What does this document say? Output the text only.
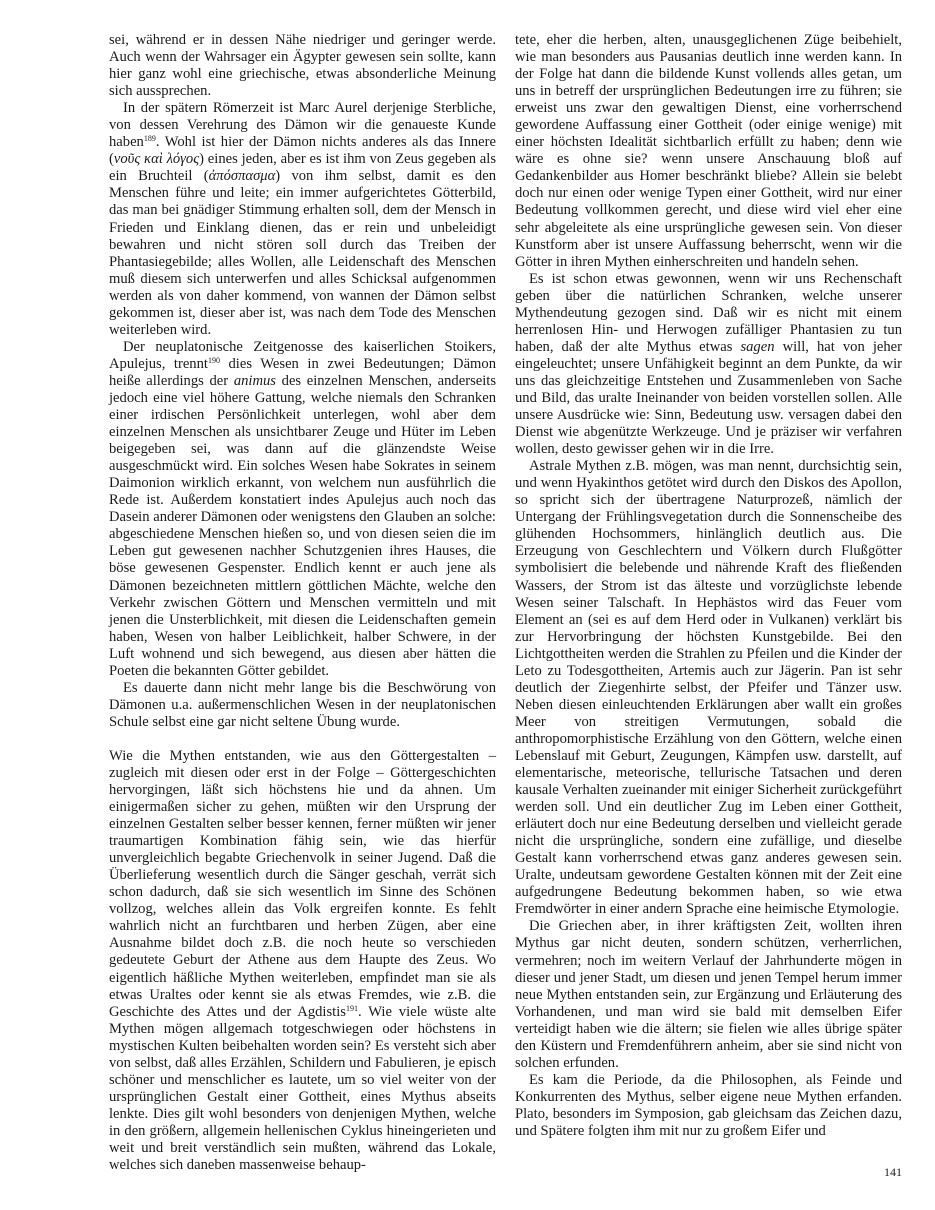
sei, während er in dessen Nähe niedriger und geringer werde. Auch wenn der Wahrsager ein Ägypter gewesen sein sollte, kann hier ganz wohl eine griechische, etwas absonderliche Meinung sich aussprechen.

In der spätern Römerzeit ist Marc Aurel derjenige Sterbliche, von dessen Verehrung des Dämon wir die genaueste Kunde haben$^{189}$. Wohl ist hier der Dämon nichts anderes als das Innere (νοῦς καὶ λόγος) eines jeden, aber es ist ihm von Zeus gegeben als ein Bruchteil (ἀπόσπασμα) von ihm selbst, damit es den Menschen führe und leite; ein immer aufgerichtetes Götterbild, das man bei gnädiger Stimmung erhalten soll, dem der Mensch in Frieden und Einklang dienen, das er rein und unbeleidigt bewahren und nicht stören soll durch das Treiben der Phantasiegebilde; alles Wollen, alle Leidenschaft des Menschen muß diesem sich unterwerfen und alles Schicksal aufgenommen werden als von daher kommend, von wannen der Dämon selbst gekommen ist, dieser aber ist, was nach dem Tode des Menschen weiterleben wird.

Der neuplatonische Zeitgenosse des kaiserlichen Stoikers, Apulejus, trennt$^{190}$ dies Wesen in zwei Bedeutungen; Dämon heiße allerdings der animus des einzelnen Menschen, anderseits jedoch eine viel höhere Gattung, welche niemals den Schranken einer irdischen Persönlichkeit unterlegen, wohl aber dem einzelnen Menschen als unsichtbarer Zeuge und Hüter im Leben beigegeben sei, was dann auf die glänzendste Weise ausgeschmückt wird. Ein solches Wesen habe Sokrates in seinem Daimonion wirklich erkannt, von welchem nun ausführlich die Rede ist. Außerdem konstatiert indes Apulejus auch noch das Dasein anderer Dämonen oder wenigstens den Glauben an solche: abgeschiedene Menschen hießen so, und von diesen seien die im Leben gut gewesenen nachher Schutzgenien ihres Hauses, die böse gewesenen Gespenster. Endlich kennt er auch jene als Dämonen bezeichneten mittlern göttlichen Mächte, welche den Verkehr zwischen Göttern und Menschen vermitteln und mit jenen die Unsterblichkeit, mit diesen die Leidenschaften gemein haben, Wesen von halber Leiblichkeit, halber Schwere, in der Luft wohnend und sich bewegend, aus diesen aber hätten die Poeten die bekannten Götter gebildet.

Es dauerte dann nicht mehr lange bis die Beschwörung von Dämonen u.a. außermenschlichen Wesen in der neuplatonischen Schule selbst eine gar nicht seltene Übung wurde.

Wie die Mythen entstanden, wie aus den Göttergestalten – zugleich mit diesen oder erst in der Folge – Göttergeschichten hervorgingen, läßt sich höchstens hie und da ahnen. Um einigermaßen sicher zu gehen, müßten wir den Ursprung der einzelnen Gestalten selber besser kennen, ferner müßten wir jener traumartigen Kombination fähig sein, wie das hierfür unvergleichlich begabte Griechenvolk in seiner Jugend. Daß die Überlieferung wesentlich durch die Sänger geschah, verrät sich schon dadurch, daß sie sich wesentlich im Sinne des Schönen vollzog, welches allein das Volk ergreifen konnte. Es fehlt wahrlich nicht an furchtbaren und herben Zügen, aber eine Ausnahme bildet doch z.B. die noch heute so verschieden gedeutete Geburt der Athene aus dem Haupte des Zeus. Wo eigentlich häßliche Mythen weiterleben, empfindet man sie als etwas Uraltes oder kennt sie als etwas Fremdes, wie z.B. die Geschichte des Attes und der Agdistis$^{191}$. Wie viele wüste alte Mythen mögen allgemach totgeschwiegen oder höchstens in mystischen Kulten beibehalten worden sein? Es versteht sich aber von selbst, daß alles Erzählen, Schildern und Fabulieren, je episch schöner und menschlicher es lautete, um so viel weiter von der ursprünglichen Gestalt einer Gottheit, eines Mythus abseits lenkte. Dies gilt wohl besonders von denjenigen Mythen, welche in den größern, allgemein hellenischen Cyklus hineingerieten und weit und breit verständlich sein mußten, während das Lokale, welches sich daneben massenweise behaup-

tete, eher die herben, alten, unausgeglichenen Züge beibehielt, wie man besonders aus Pausanias deutlich inne werden kann. In der Folge hat dann die bildende Kunst vollends alles getan, um uns in betreff der ursprünglichen Bedeutungen irre zu führen; sie erweist uns zwar den gewaltigen Dienst, eine vorherrschend gewordene Auffassung einer Gottheit (oder einige wenige) mit einer höchsten Idealität sichtbarlich erfüllt zu haben; denn wie wäre es ohne sie? wenn unsere Anschauung bloß auf Gedankenbilder aus Homer beschränkt bliebe? Allein sie belebt doch nur einen oder wenige Typen einer Gottheit, wird nur einer Bedeutung vollkommen gerecht, und diese wird viel eher eine sehr abgeleitete als eine ursprüngliche gewesen sein. Von dieser Kunstform aber ist unsere Auffassung beherrscht, wenn wir die Götter in ihren Mythen einherschreiten und handeln sehen.

Es ist schon etwas gewonnen, wenn wir uns Rechenschaft geben über die natürlichen Schranken, welche unserer Mythendeutung gezogen sind. Daß wir es nicht mit einem herrenlosen Hin- und Herwogen zufälliger Phantasien zu tun haben, daß der alte Mythus etwas sagen will, hat von jeher eingeleuchtet; unsere Unfähigkeit beginnt an dem Punkte, da wir uns das gleichzeitige Entstehen und Zusammenleben von Sache und Bild, das uralte Ineinander von beiden vorstellen sollen. Alle unsere Ausdrücke wie: Sinn, Bedeutung usw. versagen dabei den Dienst wie abgenützte Werkzeuge. Und je präziser wir verfahren wollen, desto gewisser gehen wir in die Irre.

Astrale Mythen z.B. mögen, was man nennt, durchsichtig sein, und wenn Hyakinthos getötet wird durch den Diskos des Apollon, so spricht sich der übertragene Naturprozeß, nämlich der Untergang der Frühlingsvegetation durch die Sonnenscheibe des glühenden Hochsommers, hinlänglich deutlich aus. Die Erzeugung von Geschlechtern und Völkern durch Flußgötter symbolisiert die belebende und nährende Kraft des fließenden Wassers, der Strom ist das älteste und vorzüglichste lebende Wesen seiner Talschaft. In Hephästos wird das Feuer vom Element an (sei es auf dem Herd oder in Vulkanen) verklärt bis zur Hervorbringung der höchsten Kunstgebilde. Bei den Lichtgottheiten werden die Strahlen zu Pfeilen und die Kinder der Leto zu Todesgottheiten, Artemis auch zur Jägerin. Pan ist sehr deutlich der Ziegenhirte selbst, der Pfeifer und Tänzer usw. Neben diesen einleuchtenden Erklärungen aber wallt ein großes Meer von streitigen Vermutungen, sobald die anthropomorphistische Erzählung von den Göttern, welche einen Lebenslauf mit Geburt, Zeugungen, Kämpfen usw. darstellt, auf elementarische, meteorische, tellurische Tatsachen und deren kausale Verhalten zueinander mit einiger Sicherheit zurückgeführt werden soll. Und ein deutlicher Zug im Leben einer Gottheit, erläutert doch nur eine Bedeutung derselben und vielleicht gerade nicht die ursprüngliche, sondern eine zufällige, und dieselbe Gestalt kann vorherrschend etwas ganz anderes gewesen sein. Uralte, undeutsam gewordene Gestalten können mit der Zeit eine aufgedrungene Bedeutung bekommen haben, so wie etwa Fremdwörter in einer andern Sprache eine heimische Etymologie.

Die Griechen aber, in ihrer kräftigsten Zeit, wollten ihren Mythus gar nicht deuten, sondern schützen, verherrlichen, vermehren; noch im weitern Verlauf der Jahrhunderte mögen in dieser und jener Stadt, um diesen und jenen Tempel herum immer neue Mythen entstanden sein, zur Ergänzung und Erläuterung des Vorhandenen, und man wird sie bald mit demselben Eifer verteidigt haben wie die ältern; sie fielen wie alles übrige später den Küstern und Fremdenführern anheim, aber sie sind nicht von solchen erfunden.

Es kam die Periode, da die Philosophen, als Feinde und Konkurrenten des Mythus, selber eigene neue Mythen erfanden. Plato, besonders im Symposion, gab gleichsam das Zeichen dazu, und Spätere folgten ihm mit nur zu großem Eifer und

141
